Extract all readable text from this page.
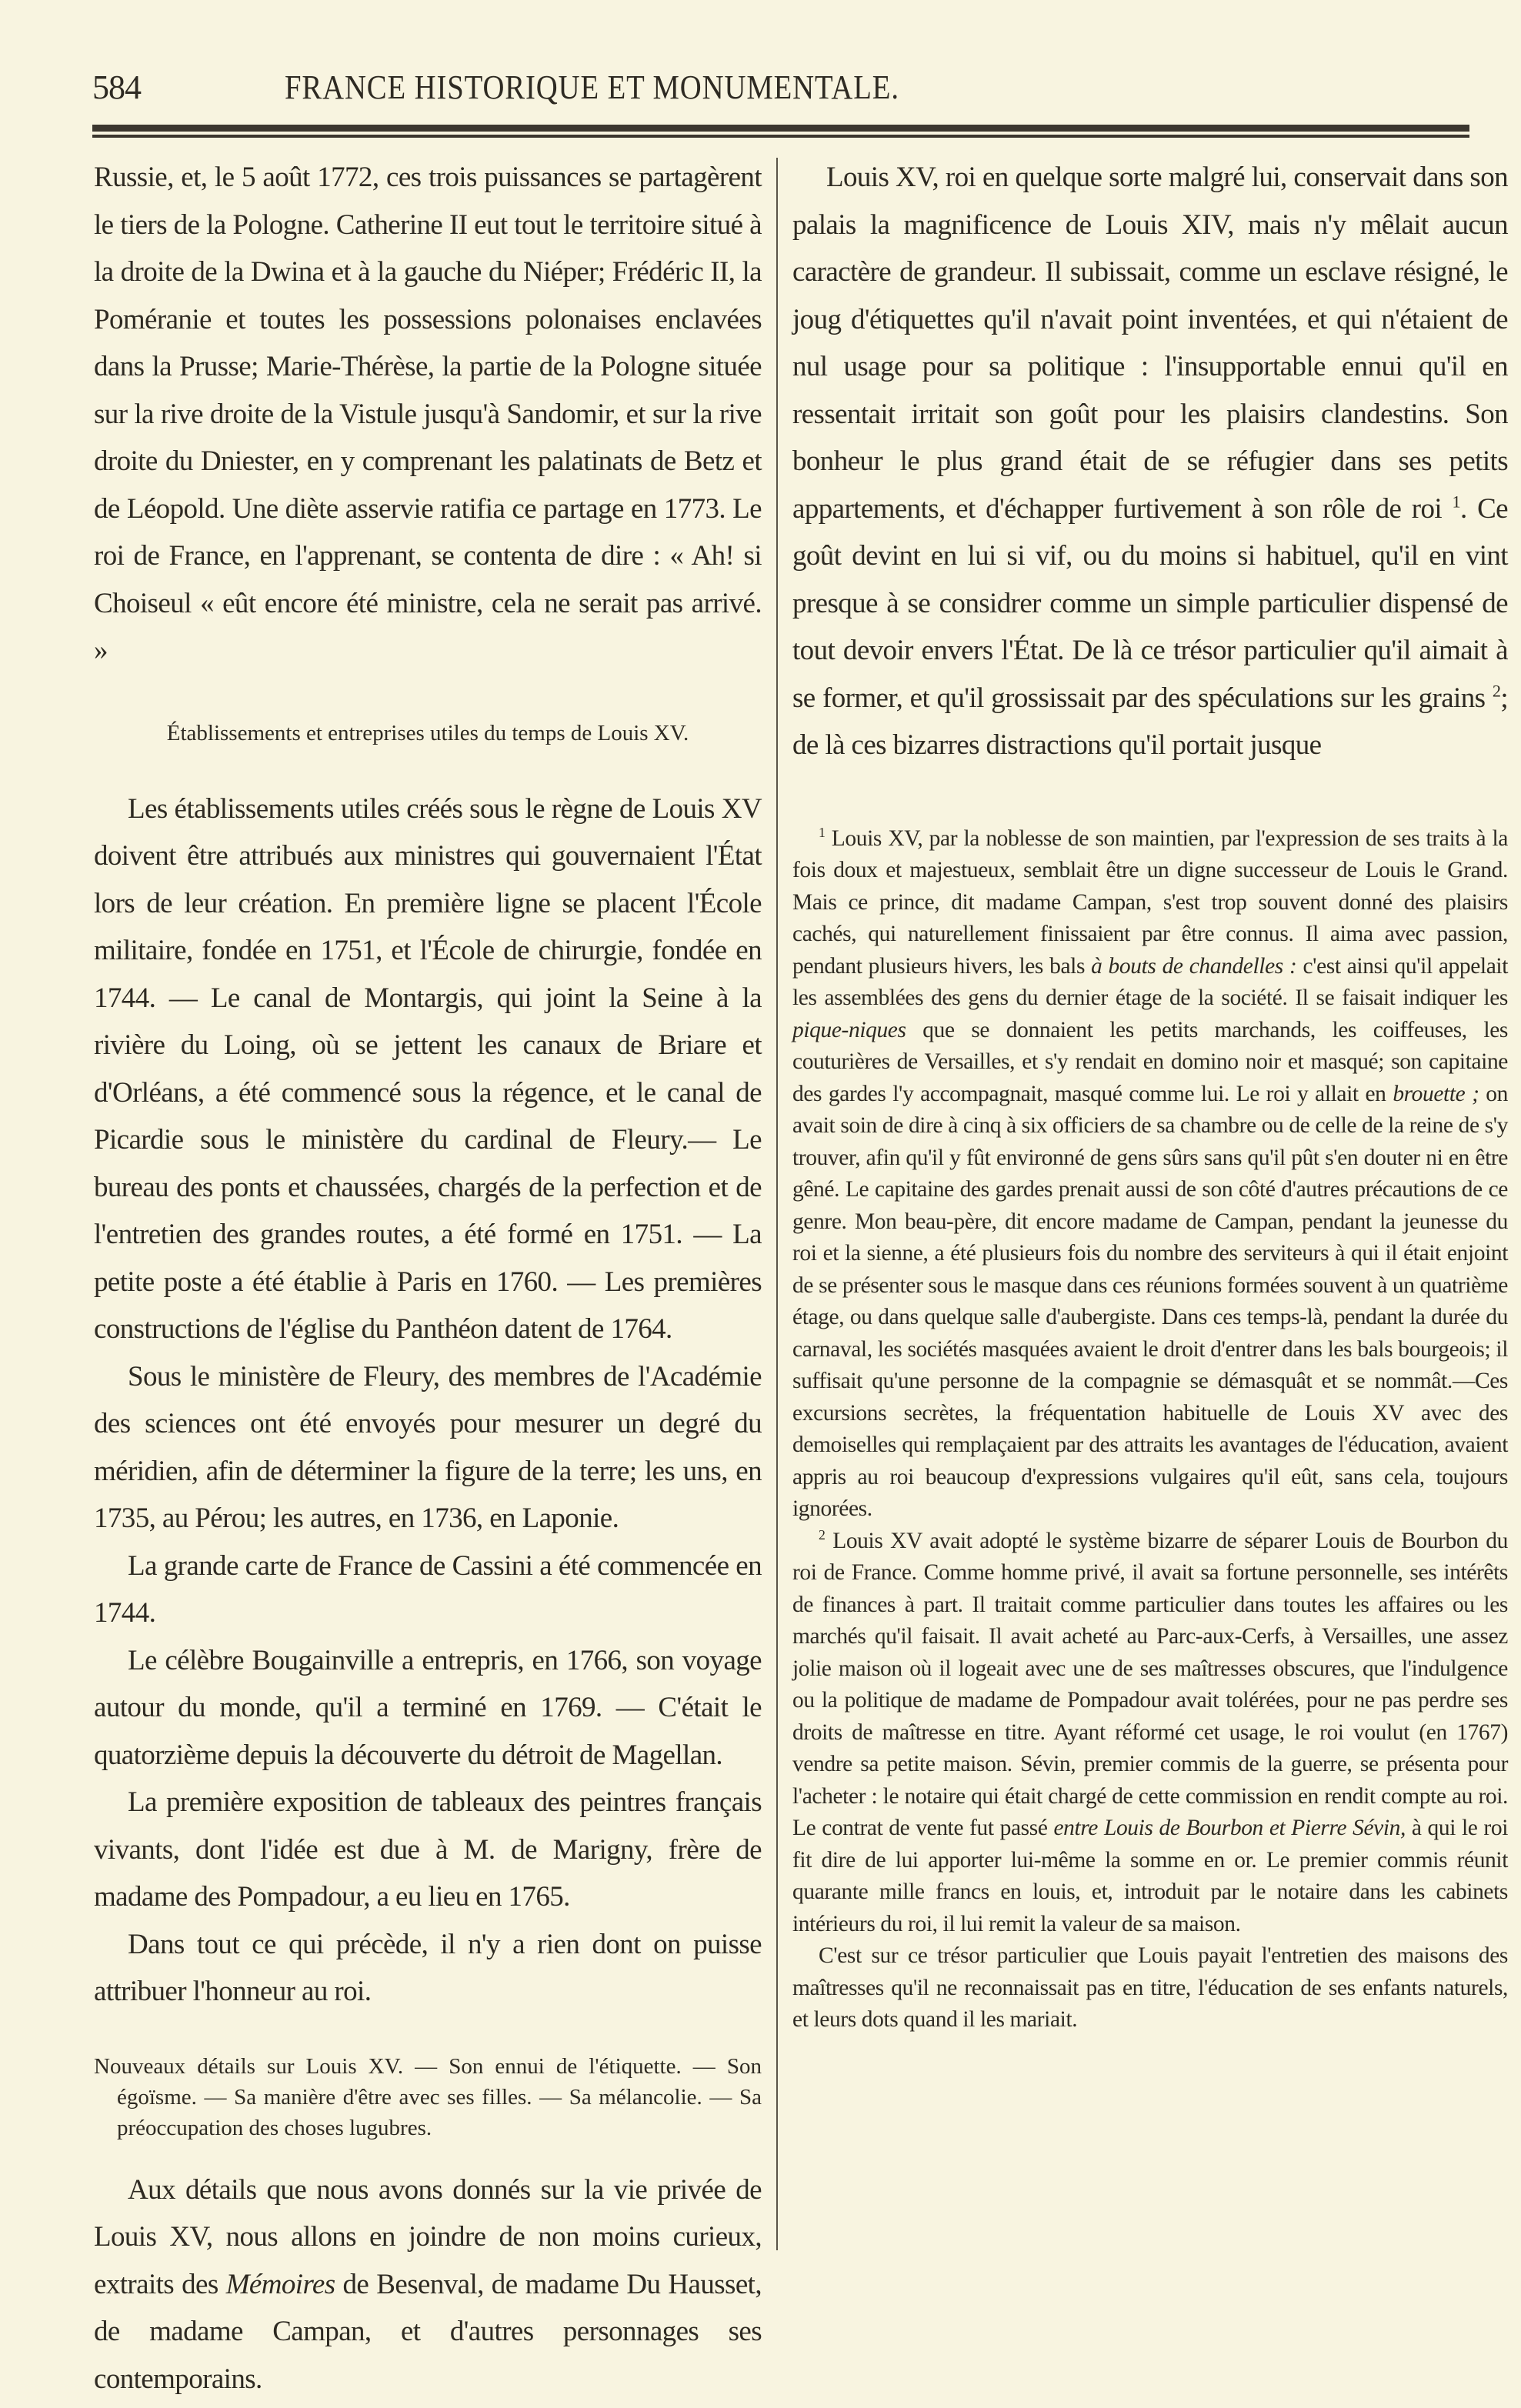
584	FRANCE HISTORIQUE ET MONUMENTALE.

Russie, et, le 5 août 1772, ces trois puissances se partagèrent le tiers de la Pologne. Catherine II eut tout le territoire situé à la droite de la Dwina et à la gauche du Niéper; Frédéric II, la Poméranie et toutes les possessions polonaises enclavées dans la Prusse; Marie-Thérèse, la partie de la Pologne située sur la rive droite de la Vistule jusqu'à Sandomir, et sur la rive droite du Dniester, en y comprenant les palatinats de Betz et de Léopold. Une diète asservie ratifia ce partage en 1773. Le roi de France, en l'apprenant, se contenta de dire : « Ah! si Choiseul « eût encore été ministre, cela ne serait pas arrivé. »

Établissements et entreprises utiles du temps de Louis XV.

Les établissements utiles créés sous le règne de Louis XV doivent être attribués aux ministres qui gouvernaient l'État lors de leur création. En première ligne se placent l'École militaire, fondée en 1751, et l'École de chirurgie, fondée en 1744. — Le canal de Montargis, qui joint la Seine à la rivière du Loing, où se jettent les canaux de Briare et d'Orléans, a été commencé sous la régence, et le canal de Picardie sous le ministère du cardinal de Fleury.— Le bureau des ponts et chaussées, chargés de la perfection et de l'entretien des grandes routes, a été formé en 1751. — La petite poste a été établie à Paris en 1760. — Les premières constructions de l'église du Panthéon datent de 1764.

Sous le ministère de Fleury, des membres de l'Académie des sciences ont été envoyés pour mesurer un degré du méridien, afin de déterminer la figure de la terre; les uns, en 1735, au Pérou; les autres, en 1736, en Laponie.

La grande carte de France de Cassini a été commencée en 1744.

Le célèbre Bougainville a entrepris, en 1766, son voyage autour du monde, qu'il a terminé en 1769. — C'était le quatorzième depuis la découverte du détroit de Magellan.

La première exposition de tableaux des peintres français vivants, dont l'idée est due à M. de Marigny, frère de madame des Pompadour, a eu lieu en 1765.

Dans tout ce qui précède, il n'y a rien dont on puisse attribuer l'honneur au roi.

Nouveaux détails sur Louis XV. — Son ennui de l'étiquette. — Son égoïsme. — Sa manière d'être avec ses filles. — Sa mélancolie. — Sa préoccupation des choses lugubres.

Aux détails que nous avons donnés sur la vie privée de Louis XV, nous allons en joindre de non moins curieux, extraits des Mémoires de Besenval, de madame Du Hausset, de madame Campan, et d'autres personnages ses contemporains.

Louis XV, roi en quelque sorte malgré lui, conservait dans son palais la magnificence de Louis XIV, mais n'y mêlait aucun caractère de grandeur. Il subissait, comme un esclave résigné, le joug d'étiquettes qu'il n'avait point inventées, et qui n'étaient de nul usage pour sa politique : l'insupportable ennui qu'il en ressentait irritait son goût pour les plaisirs clandestins. Son bonheur le plus grand était de se réfugier dans ses petits appartements, et d'échapper furtivement à son rôle de roi $^1$. Ce goût devint en lui si vif, ou du moins si habituel, qu'il en vint presque à se considrer comme un simple particulier dispensé de tout devoir envers l'État. De là ce trésor particulier qu'il aimait à se former, et qu'il grossissait par des spéculations sur les grains $^2$; de là ces bizarres distractions qu'il portait jusque

$^1$ Louis XV, par la noblesse de son maintien, par l'expression de ses traits à la fois doux et majestueux, semblait être un digne successeur de Louis le Grand. Mais ce prince, dit madame Campan, s'est trop souvent donné des plaisirs cachés, qui naturellement finissaient par être connus. Il aima avec passion, pendant plusieurs hivers, les bals à bouts de chandelles : c'est ainsi qu'il appelait les assemblées des gens du dernier étage de la société. Il se faisait indiquer les pique-niques que se donnaient les petits marchands, les coiffeuses, les couturières de Versailles, et s'y rendait en domino noir et masqué; son capitaine des gardes l'y accompagnait, masqué comme lui. Le roi y allait en brouette ; on avait soin de dire à cinq à six officiers de sa chambre ou de celle de la reine de s'y trouver, afin qu'il y fût environné de gens sûrs sans qu'il pût s'en douter ni en être gêné. Le capitaine des gardes prenait aussi de son côté d'autres précautions de ce genre. Mon beau-père, dit encore madame de Campan, pendant la jeunesse du roi et la sienne, a été plusieurs fois du nombre des serviteurs à qui il était enjoint de se présenter sous le masque dans ces réunions formées souvent à un quatrième étage, ou dans quelque salle d'aubergiste. Dans ces temps-là, pendant la durée du carnaval, les sociétés masquées avaient le droit d'entrer dans les bals bourgeois; il suffisait qu'une personne de la compagnie se démasquât et se nommât.—Ces excursions secrètes, la fréquentation habituelle de Louis XV avec des demoiselles qui remplaçaient par des attraits les avantages de l'éducation, avaient appris au roi beaucoup d'expressions vulgaires qu'il eût, sans cela, toujours ignorées.

$^2$ Louis XV avait adopté le système bizarre de séparer Louis de Bourbon du roi de France. Comme homme privé, il avait sa fortune personnelle, ses intérêts de finances à part. Il traitait comme particulier dans toutes les affaires ou les marchés qu'il faisait. Il avait acheté au Parc-aux-Cerfs, à Versailles, une assez jolie maison où il logeait avec une de ses maîtresses obscures, que l'indulgence ou la politique de madame de Pompadour avait tolérées, pour ne pas perdre ses droits de maîtresse en titre. Ayant réformé cet usage, le roi voulut (en 1767) vendre sa petite maison. Sévin, premier commis de la guerre, se présenta pour l'acheter : le notaire qui était chargé de cette commission en rendit compte au roi. Le contrat de vente fut passé entre Louis de Bourbon et Pierre Sévin, à qui le roi fit dire de lui apporter lui-même la somme en or. Le premier commis réunit quarante mille francs en louis, et, introduit par le notaire dans les cabinets intérieurs du roi, il lui remit la valeur de sa maison.

C'est sur ce trésor particulier que Louis payait l'entretien des maisons des maîtresses qu'il ne reconnaissait pas en titre, l'éducation de ses enfants naturels, et leurs dots quand il les mariait.
